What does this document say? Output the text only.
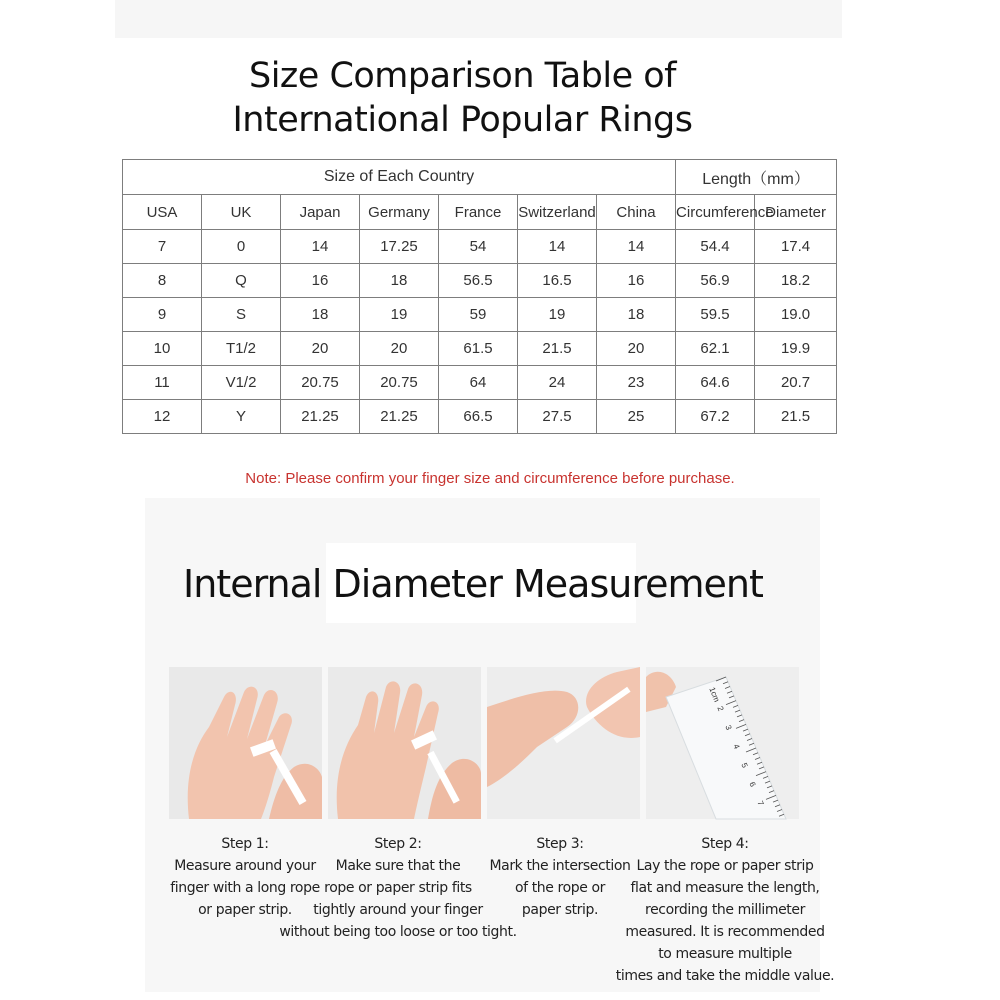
Size Comparison Table of
International Popular Rings
Size of Each Country							Length（mm）	
USA	UK	Japan	Germany	France	Switzerland	China	Circumference	Diameter
7	0	14	17.25	54	14	14	54.4	17.4
8	Q	16	18	56.5	16.5	16	56.9	18.2
9	S	18	19	59	19	18	59.5	19.0
10	T1/2	20	20	61.5	21.5	20	62.1	19.9
11	V1/2	20.75	20.75	64	24	23	64.6	20.7
12	Y	21.25	21.25	66.5	27.5	25	67.2	21.5
Note: Please confirm your finger size and circumference before purchase.
Internal Diameter Measurement
1cm
2
3
4
5
6
7
Step 1:
Measure around your
finger with a long rope
or paper strip.
Step 2:
Make sure that the
rope or paper strip fits
tightly around your finger
without being too loose or too tight.
Step 3:
Mark the intersection
of the rope or
paper strip.
Step 4:
Lay the rope or paper strip
flat and measure the length,
recording the millimeter
measured. It is recommended
to measure multiple
times and take the middle value.
